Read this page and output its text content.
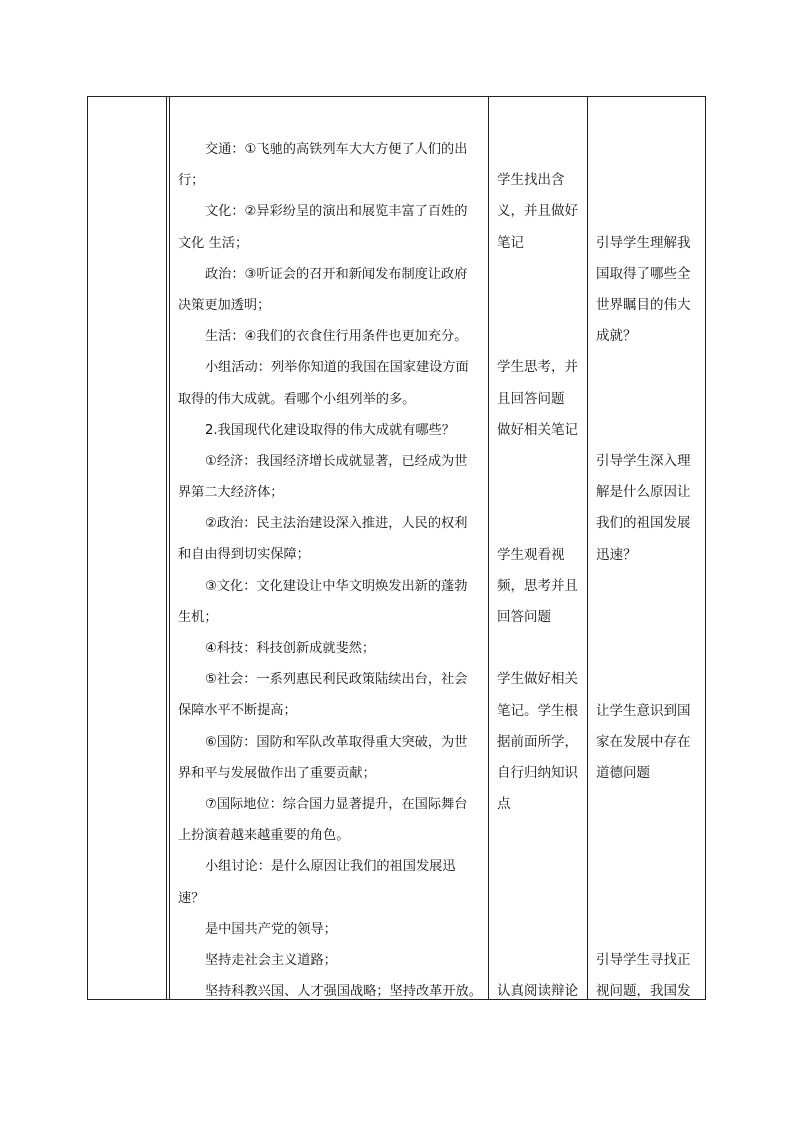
交通：①飞驰的高铁列车大大方便了人们的出
行；
文化：②异彩纷呈的演出和展览丰富了百姓的
文化 生活；
政治：③听证会的召开和新闻发布制度让政府
决策更加透明；
生活：④我们的衣食住行用条件也更加充分。
小组活动：列举你知道的我国在国家建设方面
取得的伟大成就。看哪个小组列举的多。
2.我国现代化建设取得的伟大成就有哪些？
①经济：我国经济增长成就显著，已经成为世
界第二大经济体；
②政治：民主法治建设深入推进，人民的权利
和自由得到切实保障；
③文化：文化建设让中华文明焕发出新的蓬勃
生机；
④科技：科技创新成就斐然；
⑤社会：一系列惠民利民政策陆续出台，社会
保障水平不断提高；
⑥国防：国防和军队改革取得重大突破，为世
界和平与发展做作出了重要贡献；
⑦国际地位：综合国力显著提升，在国际舞台
上扮演着越来越重要的角色。
小组讨论：是什么原因让我们的祖国发展迅
速？
是中国共产党的领导；
坚持走社会主义道路；
坚持科教兴国、人才强国战略；坚持改革开放。
学生找出含
义，并且做好
笔记
学生思考，并
且回答问题
做好相关笔记
学生观看视
频，思考并且
回答问题
学生做好相关
笔记。学生根
据前面所学，
自行归纳知识
点
认真阅读辩论
引导学生理解我
国取得了哪些全
世界瞩目的伟大
成就？
引导学生深入理
解是什么原因让
我们的祖国发展
迅速？
让学生意识到国
家在发展中存在
道德问题
引导学生寻找正
视问题，我国发
